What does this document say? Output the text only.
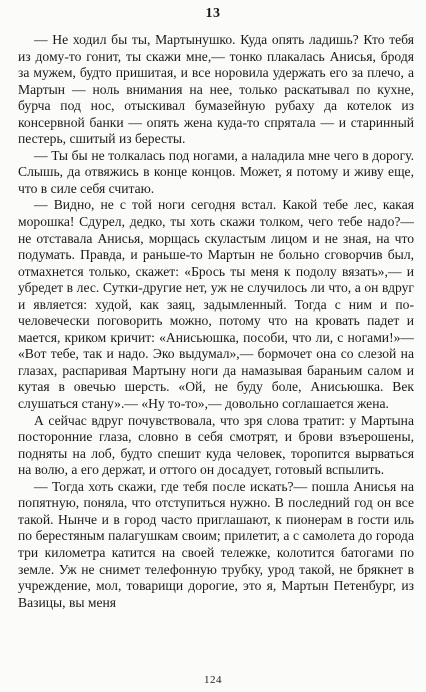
13

— Не ходил бы ты, Мартынушко. Куда опять ладишь? Кто тебя из дому-то гонит, ты скажи мне,— тонко плакалась Анисья, бродя за мужем, будто пришитая, и все норовила удержать его за плечо, а Мартын — ноль внимания на нее, только раскатывал по кухне, бурча под нос, отыскивал бумазейную рубаху да котелок из консервной банки — опять жена куда-то спрятала — и старинный пестерь, сшитый из бересты.

— Ты бы не толкалась под ногами, а наладила мне чего в дорогу. Слышь, да отвяжись в конце концов. Может, я потому и живу еще, что в силе себя считаю.

— Видно, не с той ноги сегодня встал. Какой тебе лес, какая морошка! Сдурел, дедко, ты хоть скажи толком, чего тебе надо?— не отставала Анисья, морщась скуластым лицом и не зная, на что подумать. Правда, и раньше-то Мартын не больно сговорчив был, отмахнется только, скажет: «Брось ты меня к подолу вязать»,— и убредет в лес. Сутки-другие нет, уж не случилось ли что, а он вдруг и является: худой, как заяц, задымленный. Тогда с ним и по-человечески поговорить можно, потому что на кровать падет и мается, криком кричит: «Анисьюшка, пособи, что ли, с ногами!»— «Вот тебе, так и надо. Эко выдумал»,— бормочет она со слезой на глазах, распаривая Мартыну ноги да намазывая бараньим салом и кутая в овечью шерсть. «Ой, не буду боле, Анисьюшка. Век слушаться стану».— «Ну то-то»,— довольно соглашается жена.

А сейчас вдруг почувствовала, что зря слова тратит: у Мартына посторонние глаза, словно в себя смотрят, и брови взъерошены, подняты на лоб, будто спешит куда человек, торопится вырваться на волю, а его держат, и оттого он досадует, готовый вспылить.

— Тогда хоть скажи, где тебя после искать?— пошла Анисья на попятную, поняла, что отступиться нужно. В последний год он все такой. Нынче и в город часто приглашают, к пионерам в гости иль по берестяным палагушкам своим; прилетит, а с самолета до города три километра катится на своей тележке, колотится батогами по земле. Уж не снимет телефонную трубку, урод такой, не брякнет в учреждение, мол, товарищи дорогие, это я, Мартын Петенбург, из Вазицы, вы меня

124
